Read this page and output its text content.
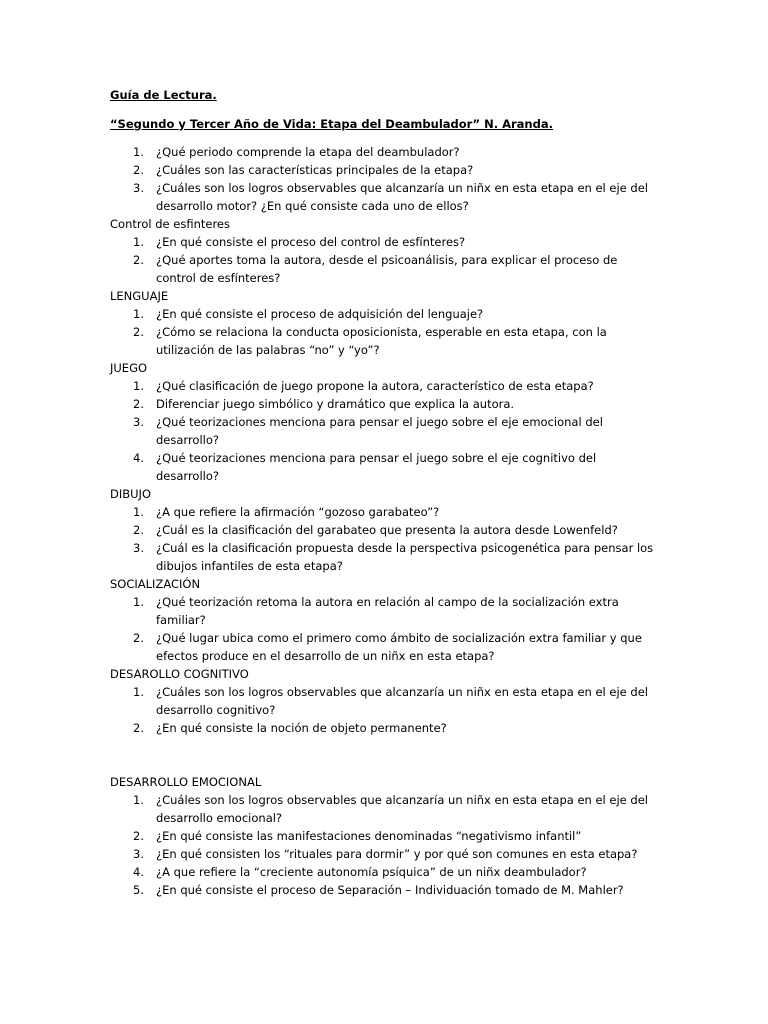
Guía de Lectura.

“Segundo y Tercer Año de Vida: Etapa del Deambulador” N. Aranda.

1.	¿Qué periodo comprende la etapa del deambulador?
2.	¿Cuáles son las características principales de la etapa?
3.	¿Cuáles son los logros observables que alcanzaría un niñx en esta etapa en el eje del desarrollo motor? ¿En qué consiste cada uno de ellos?

Control de esfinteres

1.	¿En qué consiste el proceso del control de esfínteres?
2.	¿Qué aportes toma la autora, desde el psicoanálisis, para explicar el proceso de control de esfínteres?

LENGUAJE

1.	¿En qué consiste el proceso de adquisición del lenguaje?
2.	¿Cómo se relaciona la conducta oposicionista, esperable en esta etapa, con la utilización de las palabras “no” y “yo”?

JUEGO

1.	¿Qué clasificación de juego propone la autora, característico de esta etapa?
2.	Diferenciar juego simbólico y dramático que explica la autora.
3.	¿Qué teorizaciones menciona para pensar el juego sobre el eje emocional del desarrollo?
4.	¿Qué teorizaciones menciona para pensar el juego sobre el eje cognitivo del desarrollo?

DIBUJO

1.	¿A que refiere la afirmación “gozoso garabateo”?
2.	¿Cuál es la clasificación del garabateo que presenta la autora desde Lowenfeld?
3.	¿Cuál es la clasificación propuesta desde la perspectiva psicogenética para pensar los dibujos infantiles de esta etapa?

SOCIALIZACIÓN

1.	¿Qué teorización retoma la autora en relación al campo de la socialización extra familiar?
2.	¿Qué lugar ubica como el primero como ámbito de socialización extra familiar y que efectos produce en el desarrollo de un niñx en esta etapa?

DESAROLLO COGNITIVO

1.	¿Cuáles son los logros observables que alcanzaría un niñx en esta etapa en el eje del desarrollo cognitivo?
2.	¿En qué consiste la noción de objeto permanente?

DESARROLLO EMOCIONAL

1.	¿Cuáles son los logros observables que alcanzaría un niñx en esta etapa en el eje del desarrollo emocional?
2.	¿En qué consiste las manifestaciones denominadas “negativismo infantil”
3.	¿En qué consisten los “rituales para dormir” y por qué son comunes en esta etapa?
4.	¿A que refiere la “creciente autonomía psíquica” de un niñx deambulador?
5.	¿En qué consiste el proceso de Separación – Individuación tomado de M. Mahler?
